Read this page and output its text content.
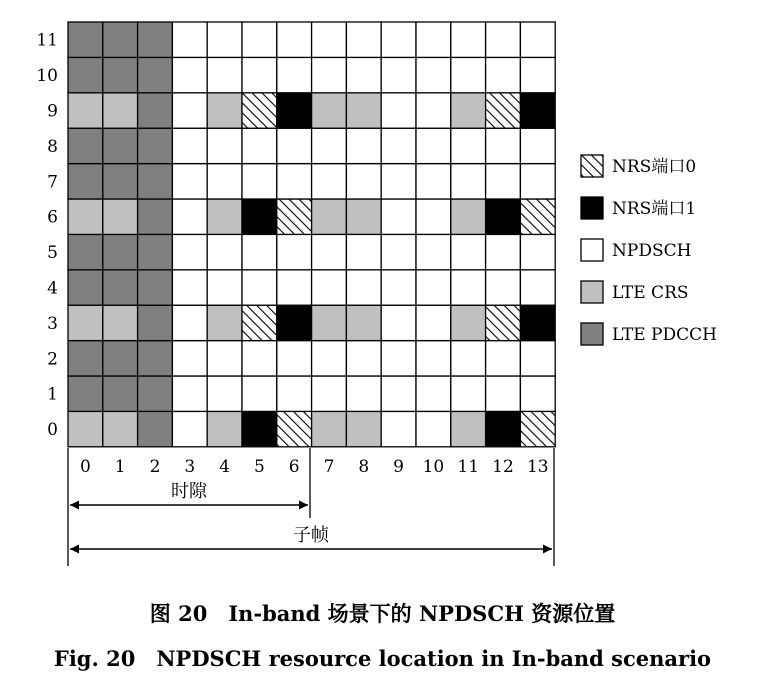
0
1
2
3
4
5
6
7
8
9
10
11
0 1 2 3 4 5 6 7 8 9 10 11 12 13
NRS端口0
NRS端口1
NPDSCH
LTE CRS
LTE PDCCH
时隙
子帧
图 20　In-band 场景下的 NPDSCH 资源位置
Fig. 20　NPDSCH resource location in In-band scenario
